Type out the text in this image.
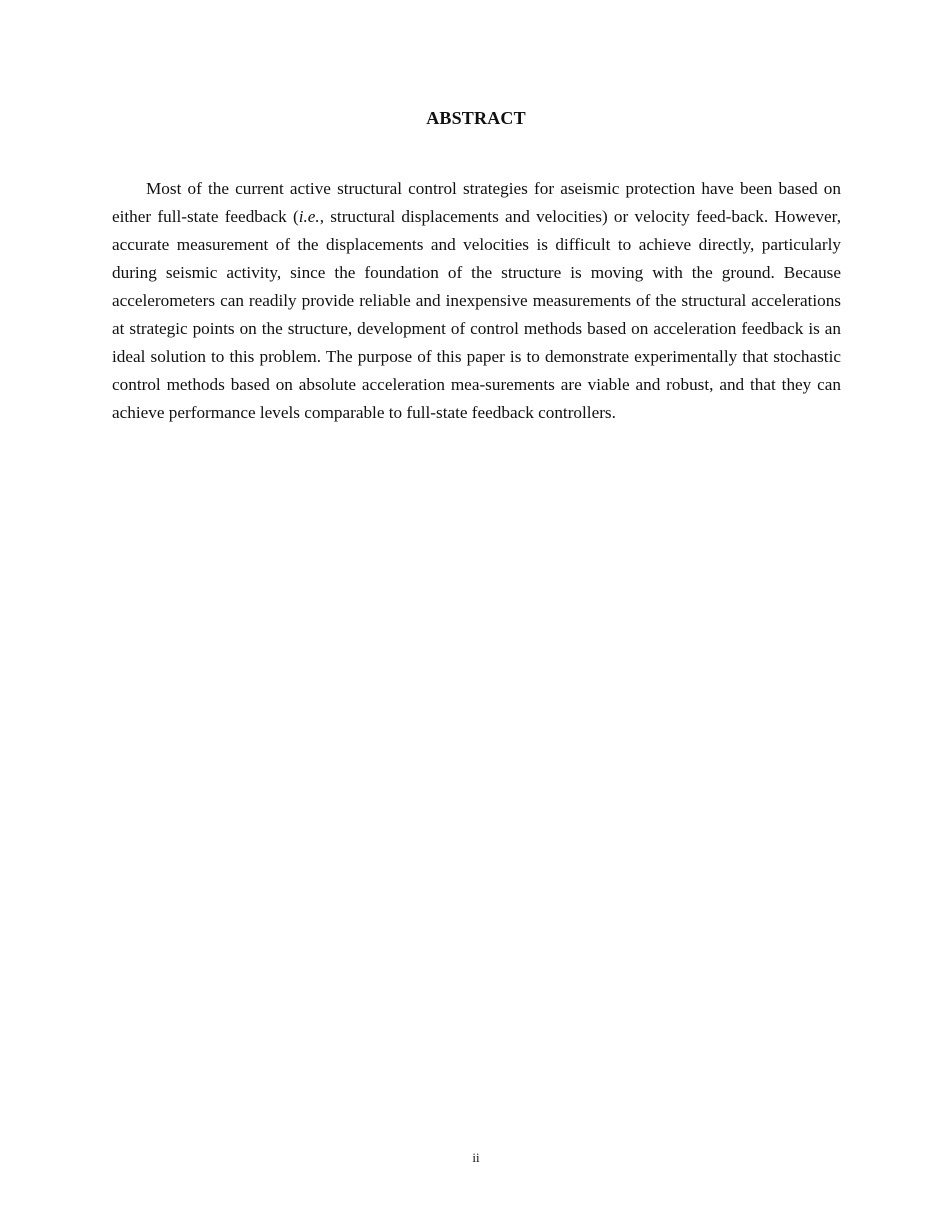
ABSTRACT

Most of the current active structural control strategies for aseismic protection have been based on either full-state feedback (i.e., structural displacements and velocities) or velocity feed-back. However, accurate measurement of the displacements and velocities is difficult to achieve directly, particularly during seismic activity, since the foundation of the structure is moving with the ground. Because accelerometers can readily provide reliable and inexpensive measurements of the structural accelerations at strategic points on the structure, development of control methods based on acceleration feedback is an ideal solution to this problem. The purpose of this paper is to demonstrate experimentally that stochastic control methods based on absolute acceleration mea-surements are viable and robust, and that they can achieve performance levels comparable to full-state feedback controllers.

ii
